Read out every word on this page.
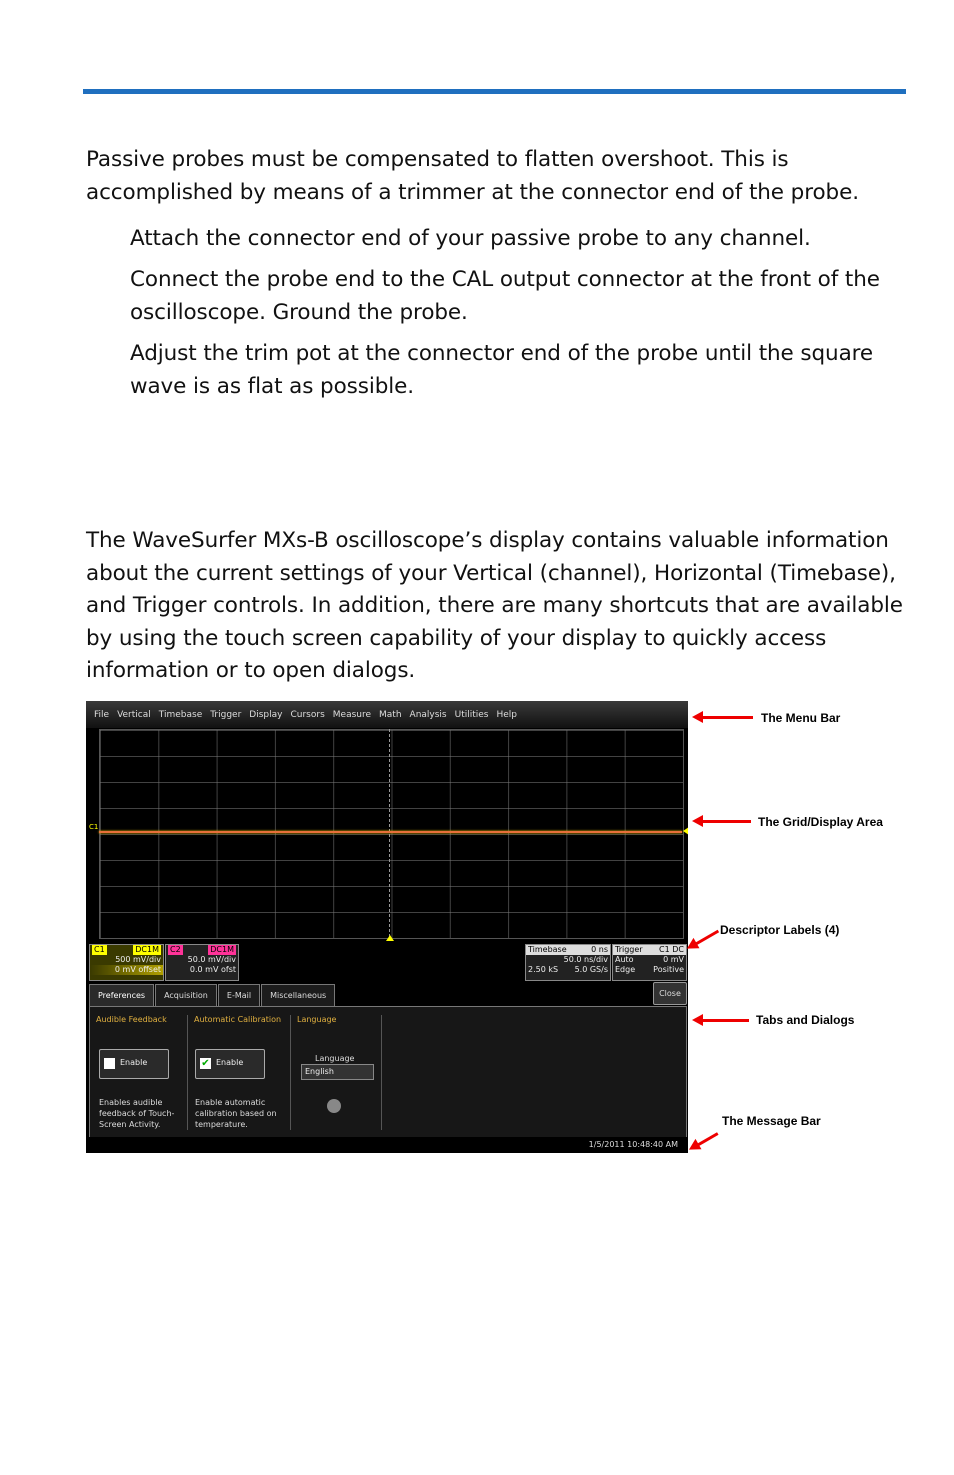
Passive probes must be compensated to flatten overshoot. This is accomplished by means of a trimmer at the connector end of the probe.
Attach the connector end of your passive probe to any channel.
Connect the probe end to the CAL output connector at the front of the oscilloscope. Ground the probe.
Adjust the trim pot at the connector end of the probe until the square wave is as flat as possible.
The WaveSurfer MXs-B oscilloscope’s display contains valuable information about the current settings of your Vertical (channel), Horizontal (Timebase), and Trigger controls. In addition, there are many shortcuts that are available by using the touch screen capability of your display to quickly access information or to open dialogs.
File Vertical Timebase Trigger Display Cursors Measure Math Analysis Utilities Help
C1
C1	DC1M
500 mV/div
0 mV offset
C2	DC1M
50.0 mV/div
0.0 mV ofst
Timebase	0 ns
50.0 ns/div
2.50 kS 5.0 GS/s
Trigger C1 DC
Auto	0 mV
Edge Positive
Preferences	Acquisition	E-Mail	Miscellaneous	Close
Audible Feedback
Enable
Enables audible feedback of Touch-Screen Activity.
Automatic Calibration
✔ Enable
Enable automatic calibration based on temperature.
Language
Language
English
1/5/2011 10:48:40 AM
The Menu Bar
The Grid/Display Area
Descriptor Labels (4)
Tabs and Dialogs
The Message Bar
